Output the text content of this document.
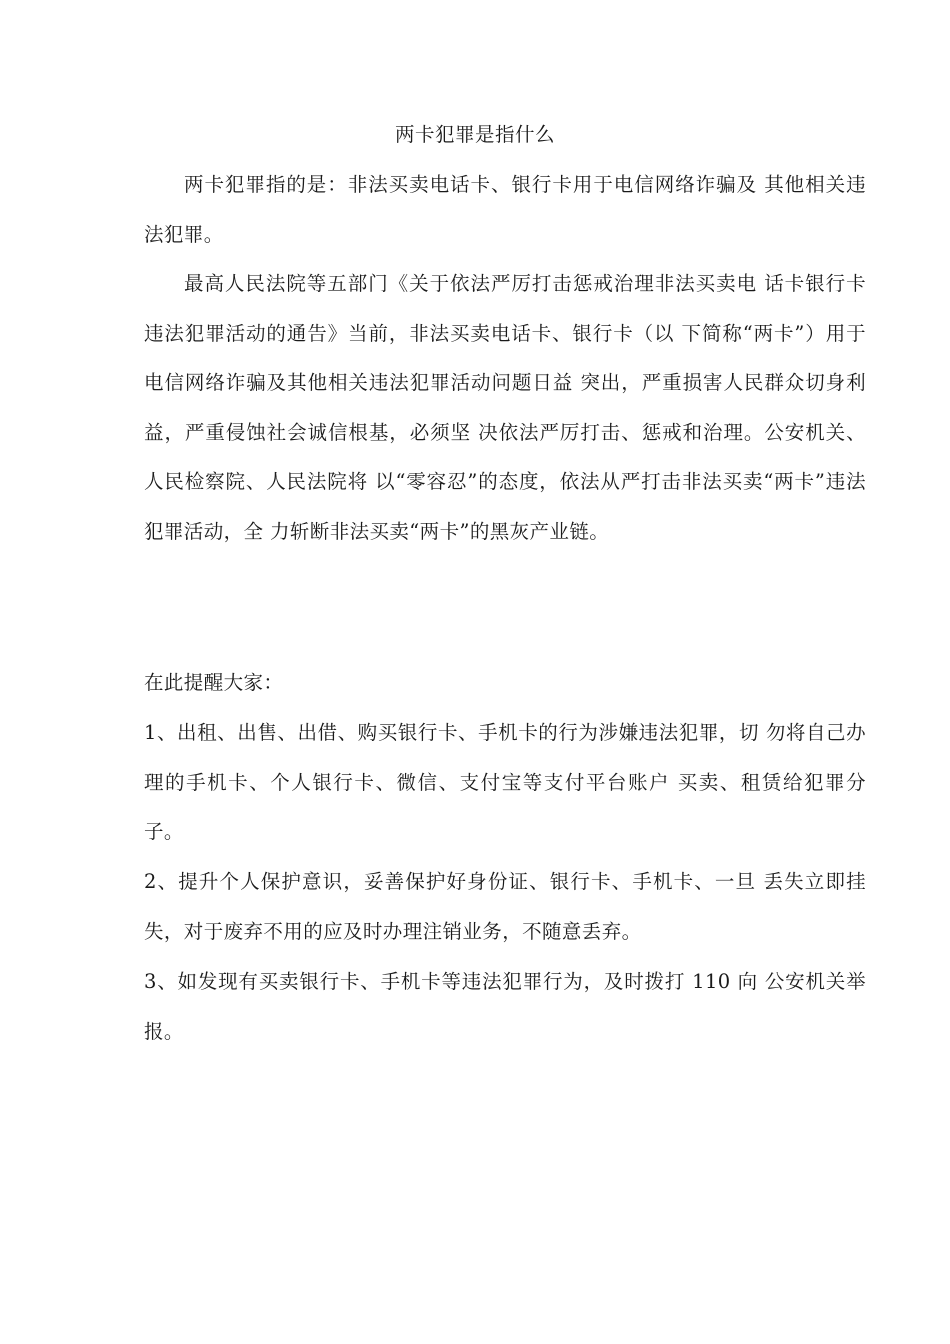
两卡犯罪是指什么

两卡犯罪指的是：非法买卖电话卡、银行卡用于电信网络诈骗及 其他相关违法犯罪。

最高人民法院等五部门《关于依法严厉打击惩戒治理非法买卖电 话卡银行卡违法犯罪活动的通告》当前，非法买卖电话卡、银行卡（以 下简称“两卡”）用于电信网络诈骗及其他相关违法犯罪活动问题日益 突出，严重损害人民群众切身利益，严重侵蚀社会诚信根基，必须坚 决依法严厉打击、惩戒和治理。公安机关、人民检察院、人民法院将 以“零容忍”的态度，依法从严打击非法买卖“两卡”违法犯罪活动，全 力斩断非法买卖“两卡”的黑灰产业链。

在此提醒大家：

1、出租、出售、出借、购买银行卡、手机卡的行为涉嫌违法犯罪，切 勿将自己办理的手机卡、个人银行卡、微信、支付宝等支付平台账户 买卖、租赁给犯罪分子。

2、提升个人保护意识，妥善保护好身份证、银行卡、手机卡、一旦 丢失立即挂失，对于废弃不用的应及时办理注销业务，不随意丢弃。

3、如发现有买卖银行卡、手机卡等违法犯罪行为，及时拨打 110 向 公安机关举报。
